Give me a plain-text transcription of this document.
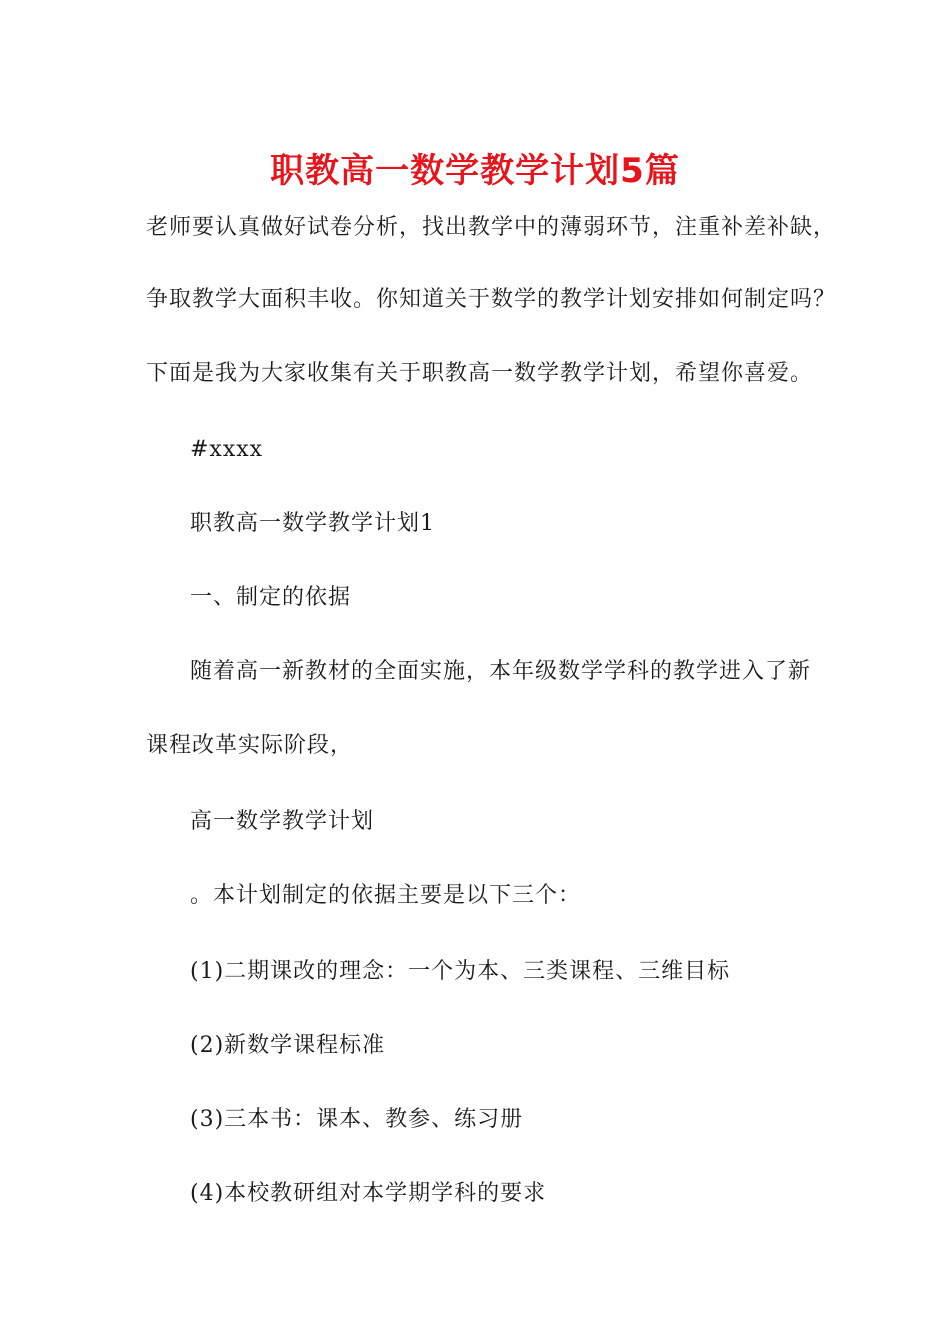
职教高一数学教学计划5篇
老师要认真做好试卷分析，找出教学中的薄弱环节，注重补差补缺，
争取教学大面积丰收。你知道关于数学的教学计划安排如何制定吗？
下面是我为大家收集有关于职教高一数学教学计划，希望你喜爱。
#xxxx
职教高一数学教学计划1
一、制定的依据
随着高一新教材的全面实施，本年级数学学科的教学进入了新
课程改革实际阶段，
高一数学教学计划
。本计划制定的依据主要是以下三个：
(1)二期课改的理念：一个为本、三类课程、三维目标
(2)新数学课程标准
(3)三本书：课本、教参、练习册
(4)本校教研组对本学期学科的要求
